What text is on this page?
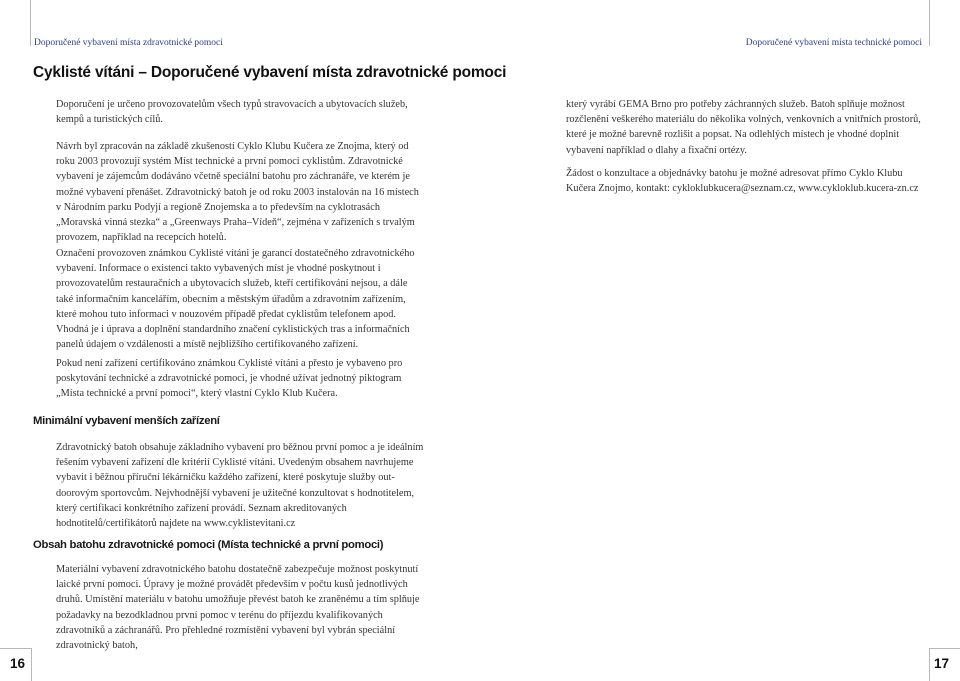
Doporučené vybavení místa zdravotnické pomoci	Doporučené vybavení místa technické pomoci
Cyklisté vítáni – Doporučené vybavení místa zdravotnické pomoci

Doporučení je určeno provozovatelům všech typů stravovacích a ubytovacích služeb, kempů a turistických cílů.

Návrh byl zpracován na základě zkušeností Cyklo Klubu Kučera ze Znojma, který od roku 2003 provozují systém Míst technické a první pomoci cyklistům. Zdravotnické vybavení je zájemcům dodáváno včetně speciální batohu pro záchranáře, ve kterém je možné vybavení přenášet. Zdravotnický batoh je od roku 2003 instalován na 16 místech v Národním parku Podyjí a regioně Znojemska a to především na cyklotrasách „Moravská vinná stezka“ a „Greenways Praha–Vídeň“, zejména v zařízeních s trvalým provozem, například na recepcích hotelů.

Označení provozoven známkou Cyklisté vítáni je garancí dostatečného zdravotnického vybavení. Informace o existenci takto vybavených míst je vhodné poskytnout i provozovatelům restauračních a ubytovacích služeb, kteří certifikování nejsou, a dále také informačním kancelářím, obecním a městským úřadům a zdravotním zařízením, které mohou tuto informaci v nouzovém případě předat cyklistům telefonem apod. Vhodná je i úprava a doplnění standardního značení cyklistických tras a informačních panelů údajem o vzdálenosti a místě nejbližšího certifikovaného zařízení.

Pokud není zařízení certifikováno známkou Cyklisté vítáni a přesto je vybaveno pro poskytování technické a zdravotnické pomoci, je vhodné užívat jednotný piktogram „Místa technické a první pomoci“, který vlastní Cyklo Klub Kučera.

Minimální vybavení menších zařízení

Zdravotnický batoh obsahuje základního vybavení pro běžnou první pomoc a je ideálním řešením vybavení zařízení dle kritérií Cyklisté vítáni. Uvedeným obsahem navrhujeme vybavit i běžnou příruční lékárničku každého zařízení, které poskytuje služby out-doorovým sportovcům. Nejvhodnější vybavení je užitečné konzultovat s hodnotitelem, který certifikaci konkrétního zařízení provádí. Seznam akreditovaných hodnotitelů/certifikátorů najdete na www.cyklistevitani.cz

Obsah batohu zdravotnické pomoci (Místa technické a první pomoci)

Materiální vybavení zdravotnického batohu dostatečně zabezpečuje možnost poskytnutí laické první pomoci. Úpravy je možné provádět především v počtu kusů jednotlivých druhů. Umístění materiálu v batohu umožňuje převést batoh ke zraněnému a tím splňuje požadavky na bezodkladnou první pomoc v terénu do příjezdu kvalifikovaných zdravotníků a záchranářů. Pro přehledné rozmístění vybavení byl vybrán speciální zdravotnický batoh,

který vyrábí GEMA Brno pro potřeby záchranných služeb. Batoh splňuje možnost rozčlenění veškerého materiálu do několika volných, venkovních a vnitřních prostorů, které je možné barevně rozlišit a popsat. Na odlehlých místech je vhodné doplnit vybavení například o dlahy a fixační ortézy.

Žádost o konzultace a objednávky batohu je možné adresovat přímo Cyklo Klubu Kučera Znojmo, kontakt: cykloklubkucera@seznam.cz, www.cykloklub.kucera-zn.cz

16	17
